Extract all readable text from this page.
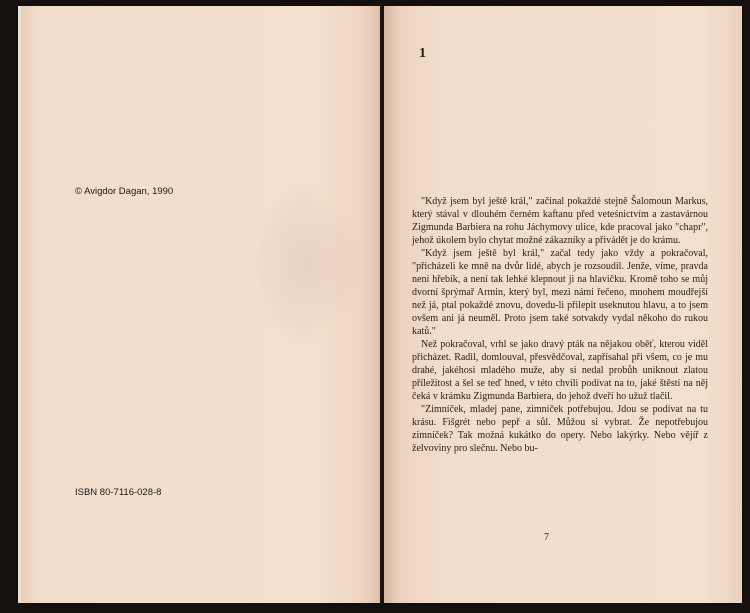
© Avigdor Dagan, 1990

ISBN 80-7116-028-8

1

"Když jsem byl ještě král," začínal pokaždé stejně Šalomoun Markus, který stával v dlouhém černém kaftanu před veteśnictvím a zastavárnou Zigmunda Barbiera na rohu Jáchymovy ulice, kde pracoval jako "chapr", jehož úkolem bylo chytat možné zákazníky a přivádět je do krámu.

"Když jsem ještě byl král," začal tedy jako vždy a pokračoval, "přicházeli ke mně na dvůr lidé, abych je rozsoudil. Jenže, víme, pravda není hřebík, a není tak lehké klepnout ji na hlavičku. Kromě toho se můj dvorní šprýmař Armin, který byl, mezi námi řečeno, mnohem moudřejší než já, ptal pokaždé znovu, dovedu-li přilepit useknutou hlavu, a to jsem ovšem ani já neuměl. Proto jsem také sotvakdy vydal někoho do rukou katů."

Než pokračoval, vrhl se jako dravý pták na nějakou oběť, kterou viděl přicházet. Radil, domlouval, přesvědčoval, zapřísahal při všem, co je mu drahé, jakéhosi mladého muže, aby si nedal probůh uniknout zlatou příležitost a šel se teď hned, v této chvíli podívat na to, jaké štěstí na něj čeká v krámku Zigmunda Barbiera, do jehož dveří ho užuž tlačil.

"Zimníček, mladej pane, zimníček potřebujou. Jdou se podívat na tu krásu. Fišgrét nebo pepř a sůl. Můžou si vybrat. Že nepotřebujou zimníček? Tak možná kukátko do opery. Nebo lakýrky. Nebo vějíř z želvoviny pro slečnu. Nebo bu-

7
